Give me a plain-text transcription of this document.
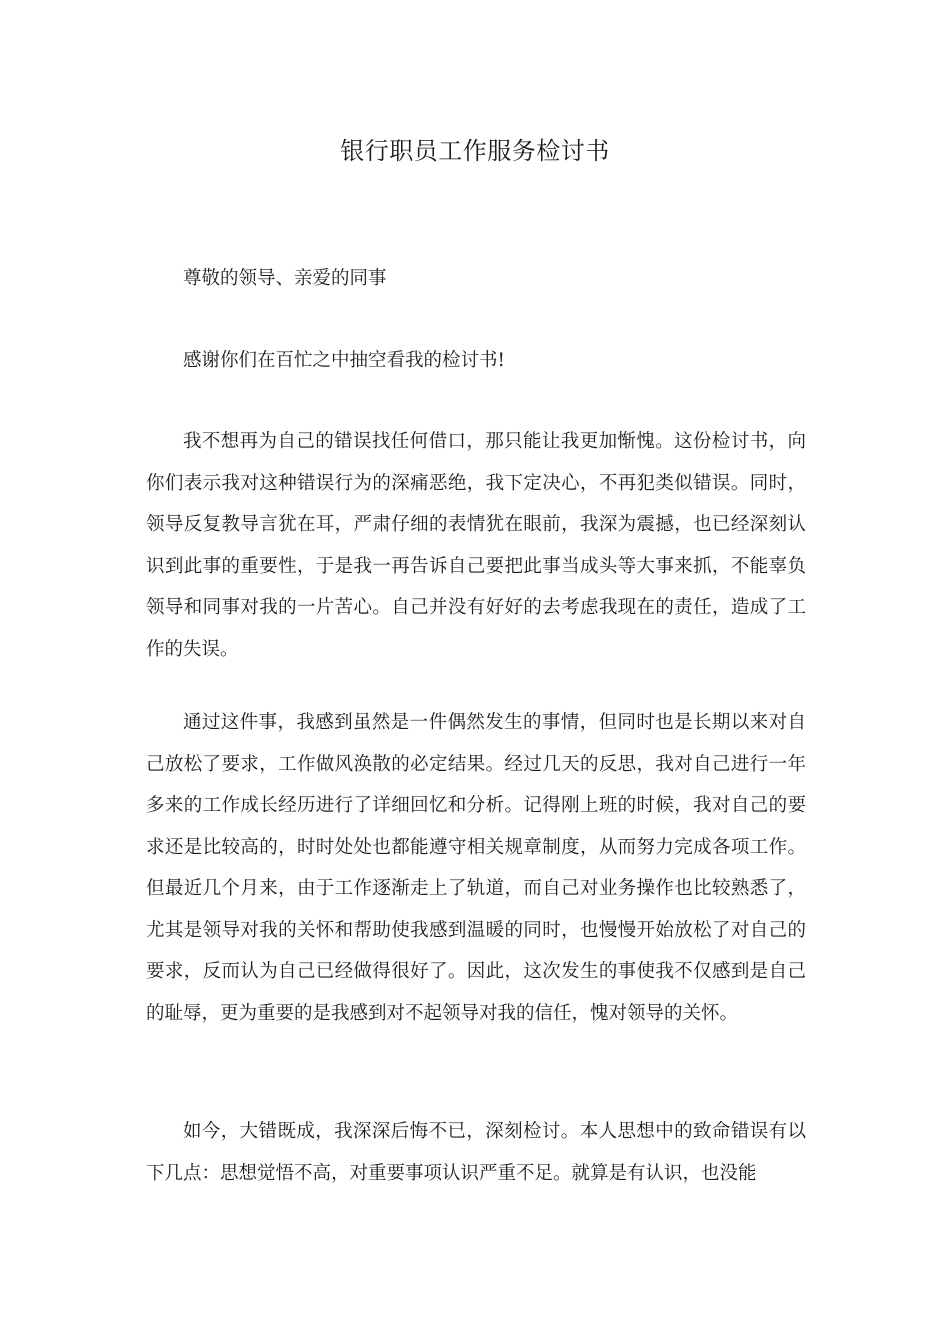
银行职员工作服务检讨书

尊敬的领导、亲爱的同事

感谢你们在百忙之中抽空看我的检讨书!

我不想再为自己的错误找任何借口，那只能让我更加惭愧。这份检讨书，向你们表示我对这种错误行为的深痛恶绝，我下定决心，不再犯类似错误。同时，领导反复教导言犹在耳，严肃仔细的表情犹在眼前，我深为震撼，也已经深刻认识到此事的重要性，于是我一再告诉自己要把此事当成头等大事来抓，不能辜负领导和同事对我的一片苦心。自己并没有好好的去考虑我现在的责任，造成了工作的失误。

通过这件事，我感到虽然是一件偶然发生的事情，但同时也是长期以来对自己放松了要求，工作做风涣散的必定结果。经过几天的反思，我对自己进行一年多来的工作成长经历进行了详细回忆和分析。记得刚上班的时候，我对自己的要求还是比较高的，时时处处也都能遵守相关规章制度，从而努力完成各项工作。但最近几个月来，由于工作逐渐走上了轨道，而自己对业务操作也比较熟悉了，尤其是领导对我的关怀和帮助使我感到温暖的同时，也慢慢开始放松了对自己的要求，反而认为自己已经做得很好了。因此，这次发生的事使我不仅感到是自己的耻辱，更为重要的是我感到对不起领导对我的信任，愧对领导的关怀。

如今，大错既成，我深深后悔不已，深刻检讨。本人思想中的致命错误有以下几点：思想觉悟不高，对重要事项认识严重不足。就算是有认识，也没能
